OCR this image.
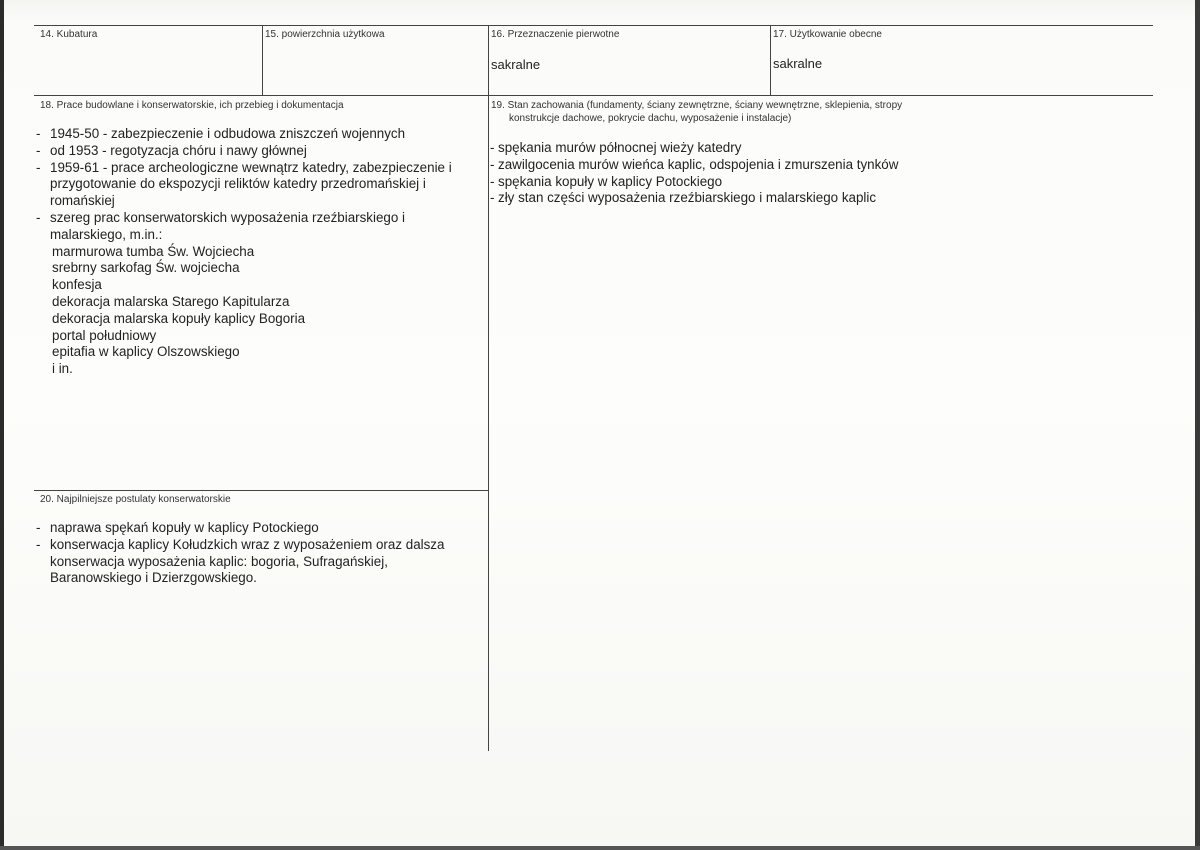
14. Kubatura	15. powierzchnia użytkowa	16. Przeznaczenie pierwotne
sakralne
17. Użytkowanie obecne
sakralne
18. Prace budowlane i konserwatorskie, ich przebieg i dokumentacja
- 1945-50 - zabezpieczenie i odbudowa zniszczeń wojennych
- od 1953 - regotyzacja chóru i nawy głównej
- 1959-61 - prace archeologiczne wewnątrz katedry, zabezpieczenie i
przygotowanie do ekspozycji reliktów katedry przedromańskiej i
romańskiej
- szereg prac konserwatorskich wyposażenia rzeźbiarskiego i
malarskiego, m.in.:
marmurowa tumba Św. Wojciecha
srebrny sarkofag Św. wojciecha
konfesja
dekoracja malarska Starego Kapitularza
dekoracja malarska kopuły kaplicy Bogoria
portal południowy
epitafia w kaplicy Olszowskiego
i in.
19. Stan zachowania (fundamenty, ściany zewnętrzne, ściany wewnętrzne, sklepienia, stropy
konstrukcje dachowe, pokrycie dachu, wyposażenie i instalacje)
- spękania murów północnej wieży katedry
- zawilgocenia murów wieńca kaplic, odspojenia i zmurszenia tynków
- spękania kopuły w kaplicy Potockiego
- zły stan części wyposażenia rzeźbiarskiego i malarskiego kaplic
20. Najpilniejsze postulaty konserwatorskie
- naprawa spękań kopuły w kaplicy Potockiego
- konserwacja kaplicy Kołudzkich wraz z wyposażeniem oraz dalsza
konserwacja wyposażenia kaplic: bogoria, Sufragańskiej,
Baranowskiego i Dzierzgowskiego.
